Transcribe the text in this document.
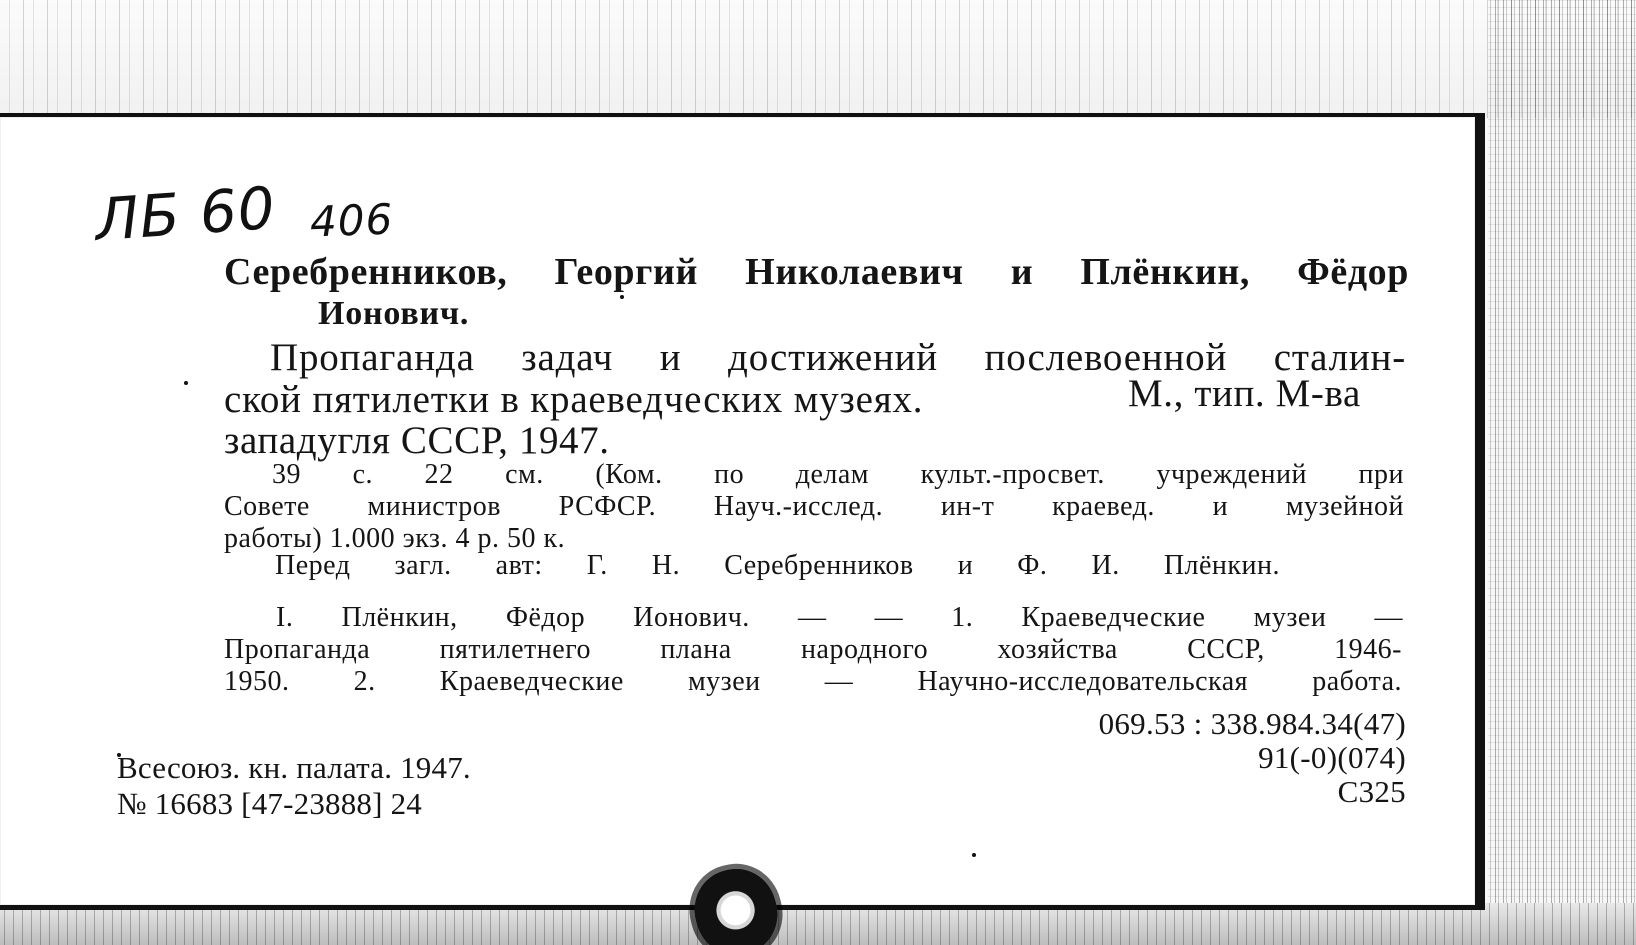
ЛБ 60 406
Серебренников, Георгий Николаевич и Плёнкин, Фёдор
Ионович.
Пропаганда задач и достижений послевоенной сталин-
ской пятилетки в краеведческих музеях.	М., тип. М-ва
западугля СССР, 1947.
39 с. 22 см. (Ком. по делам культ.-просвет. учреждений при
Совете министров РСФСР. Науч.-исслед. ин-т краевед. и музейной
работы) 1.000 экз. 4 р. 50 к.
Перед загл. авт: Г. Н. Серебренников и Ф. И. Плёнкин.
I. Плёнкин, Фёдор Ионович. — — 1. Краеведческие музеи —
Пропаганда пятилетнего плана народного хозяйства СССР, 1946-
1950. 2. Краеведческие музеи — Научно-исследовательская работа.
069.53 : 338.984.34(47)
91(-0)(074)
С325
Всесоюз. кн. палата. 1947.
№ 16683 [47-23888] 24
